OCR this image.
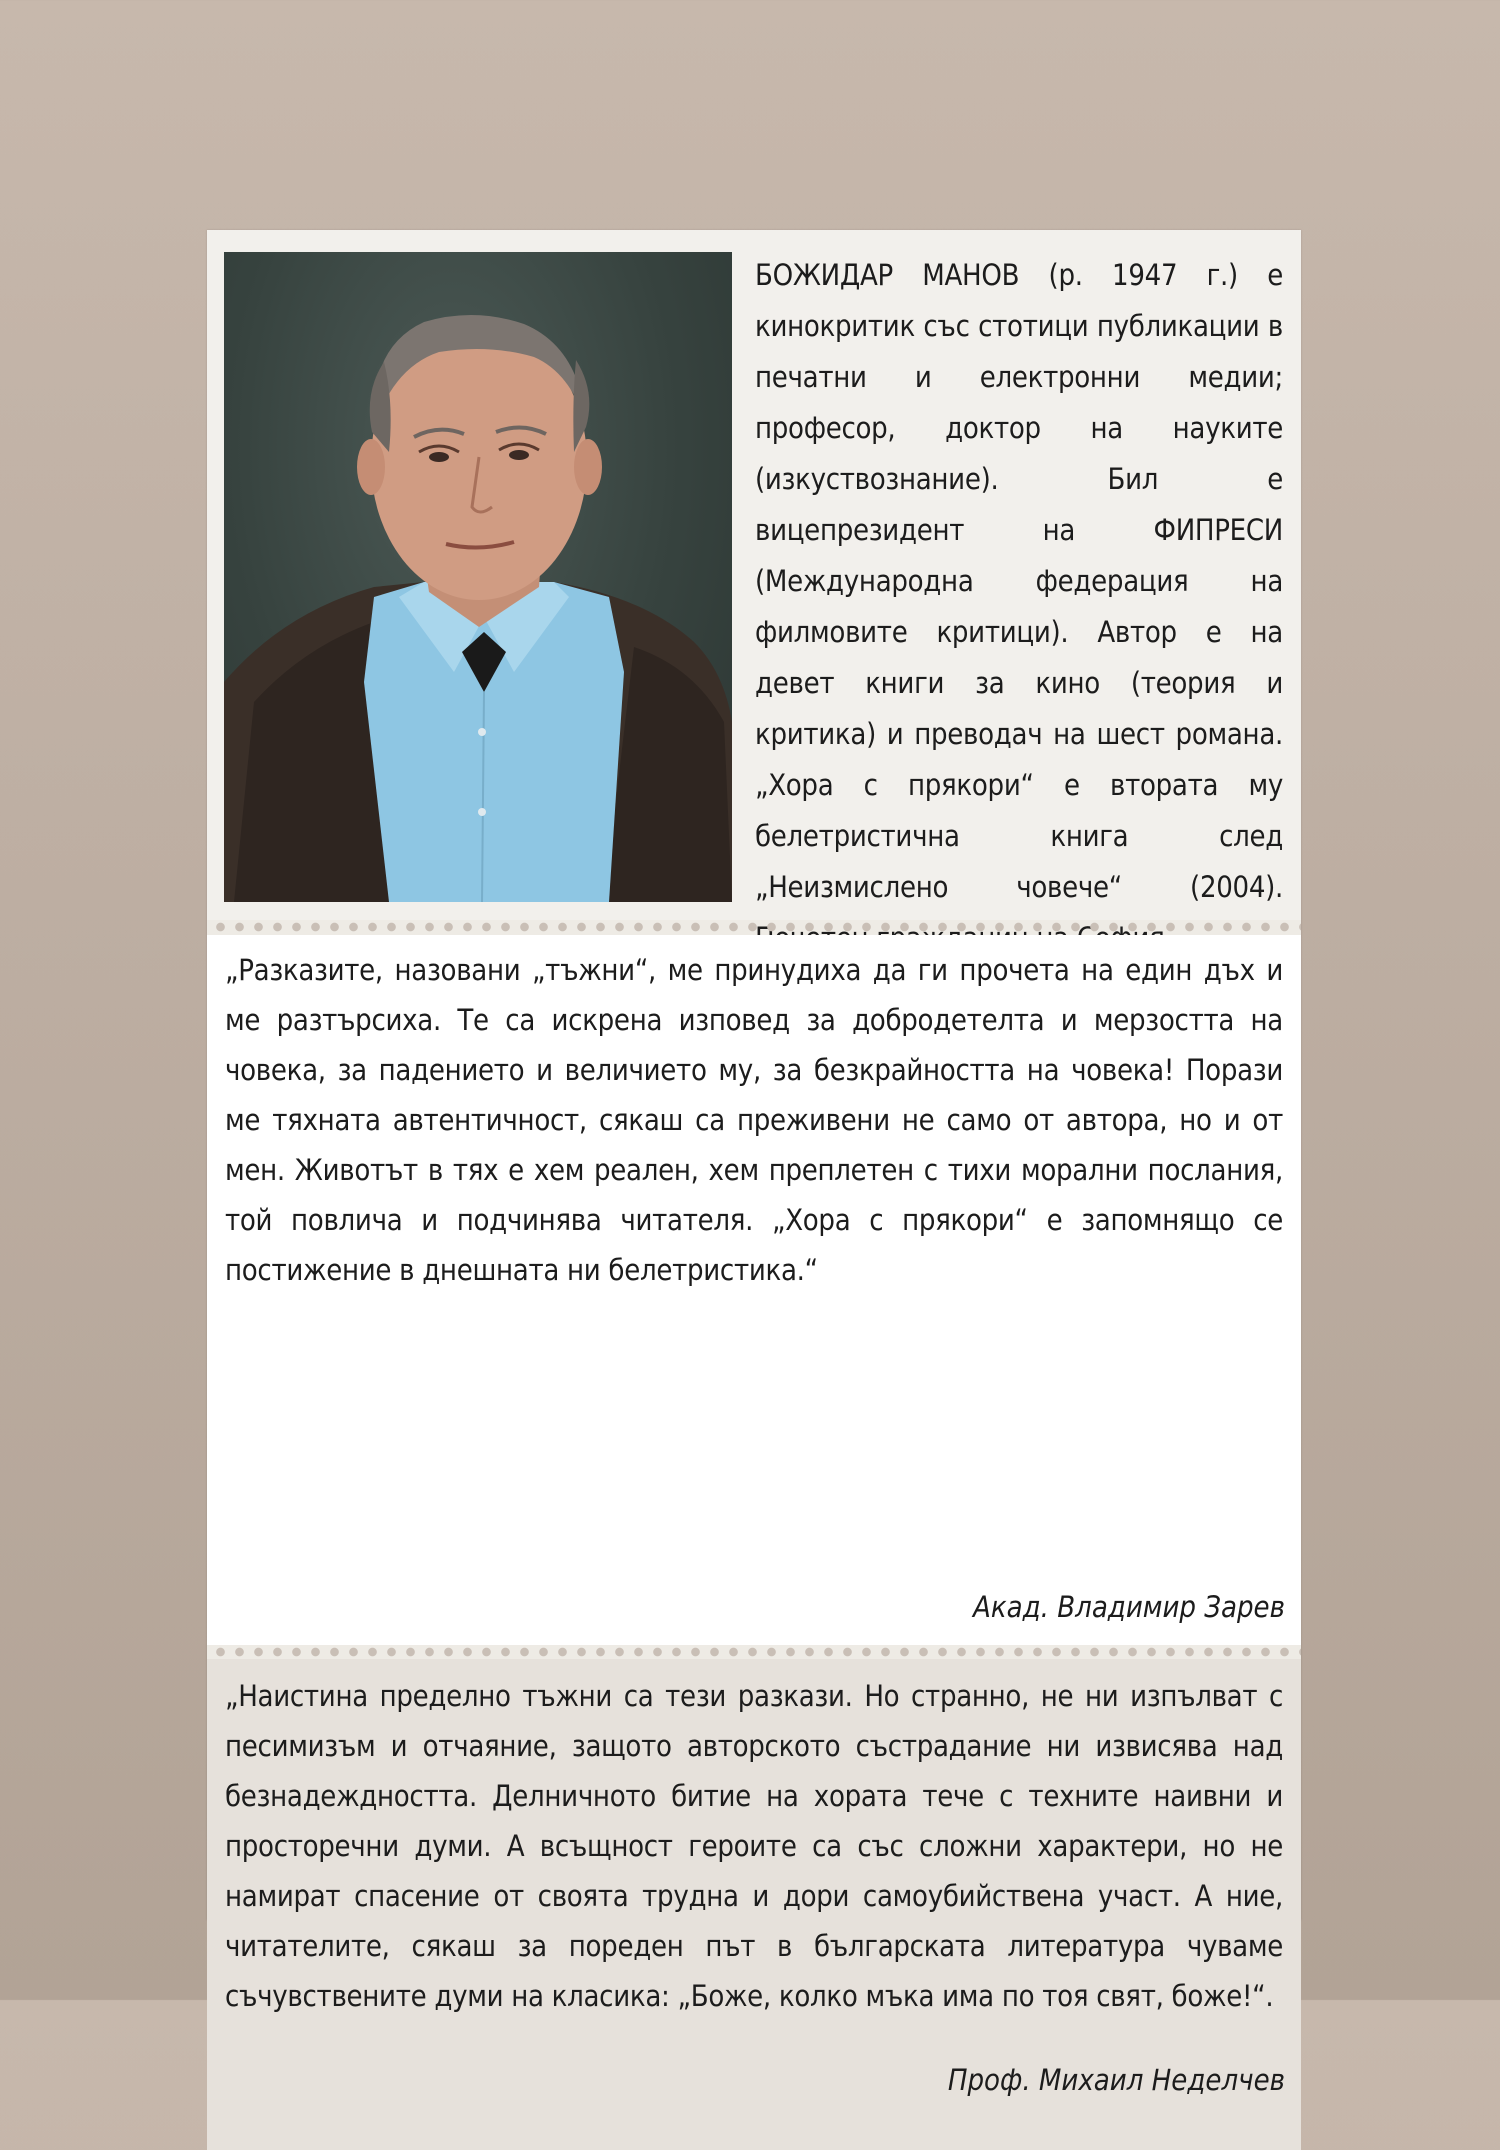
БОЖИДАР МАНОВ (р. 1947 г.) е кинокритик със стотици публикации в печатни и електронни медии; професор, доктор на науките (изкуствознание). Бил е вицепрезидент на ФИПРЕСИ (Международна федерация на филмовите критици). Автор е на девет книги за кино (теория и критика) и преводач на шест романа. „Хора с прякори“ е втората му белетристична книга след „Неизмислено човече“ (2004).
„Разказите, назовани „тъжни“, ме принудиха да ги прочета на един дъх и ме разтърсиха. Те са искрена изповед за добродетелта и мерзостта на човека, за падението и величието му, за безкрайността на човека! Порази ме тяхната автентичност, сякаш са преживени не само от автора, но и от мен. Животът в тях е хем реален, хем преплетен с тихи морални послания, той повлича и подчинява читателя. „Хора с прякори“ е запомнящо се постижение в днешната ни белетристика.“
Акад. Владимир Зарев
„Наистина пределно тъжни са тези разкази. Но странно, не ни изпълват с песимизъм и отчаяние, защото авторското състрадание ни извисява над безнадеждността. Делничното битие на хората тече с техните наивни и просторечни думи. А всъщност героите са със сложни характери, но не намират спасение от своята трудна и дори самоубийствена участ. А ние, читателите, сякаш за пореден път в българската литература чуваме съчувствените думи на класика: „Боже, колко мъка има по тоя свят, боже!“.
Проф. Михаил Неделчев
